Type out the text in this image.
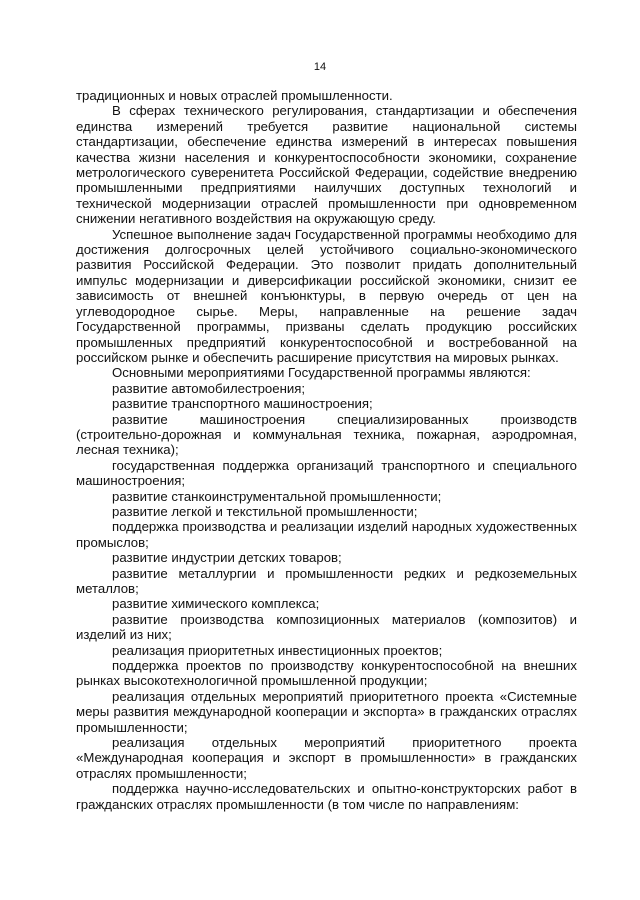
14

традиционных и новых отраслей промышленности.

В сферах технического регулирования, стандартизации и обеспечения единства измерений требуется развитие национальной системы стандартизации, обеспечение единства измерений в интересах повышения качества жизни населения и конкурентоспособности экономики, сохранение метрологического суверенитета Российской Федерации, содействие внедрению промышленными предприятиями наилучших доступных технологий и технической модернизации отраслей промышленности при одновременном снижении негативного воздействия на окружающую среду.

Успешное выполнение задач Государственной программы необходимо для достижения долгосрочных целей устойчивого социально-экономического развития Российской Федерации. Это позволит придать дополнительный импульс модернизации и диверсификации российской экономики, снизит ее зависимость от внешней конъюнктуры, в первую очередь от цен на углеводородное сырье. Меры, направленные на решение задач Государственной программы, призваны сделать продукцию российских промышленных предприятий конкурентоспособной и востребованной на российском рынке и обеспечить расширение присутствия на мировых рынках.

Основными мероприятиями Государственной программы являются:

развитие автомобилестроения;

развитие транспортного машиностроения;

развитие машиностроения специализированных производств (строительно-дорожная и коммунальная техника, пожарная, аэродромная, лесная техника);

государственная поддержка организаций транспортного и специального машиностроения;

развитие станкоинструментальной промышленности;

развитие легкой и текстильной промышленности;

поддержка производства и реализации изделий народных художественных промыслов;

развитие индустрии детских товаров;

развитие металлургии и промышленности редких и редкоземельных металлов;

развитие химического комплекса;

развитие производства композиционных материалов (композитов) и изделий из них;

реализация приоритетных инвестиционных проектов;

поддержка проектов по производству конкурентоспособной на внешних рынках высокотехнологичной промышленной продукции;

реализация отдельных мероприятий приоритетного проекта «Системные меры развития международной кооперации и экспорта» в гражданских отраслях промышленности;

реализация отдельных мероприятий приоритетного проекта «Международная кооперация и экспорт в промышленности» в гражданских отраслях промышленности;

поддержка научно-исследовательских и опытно-конструкторских работ в гражданских отраслях промышленности (в том числе по направлениям:
